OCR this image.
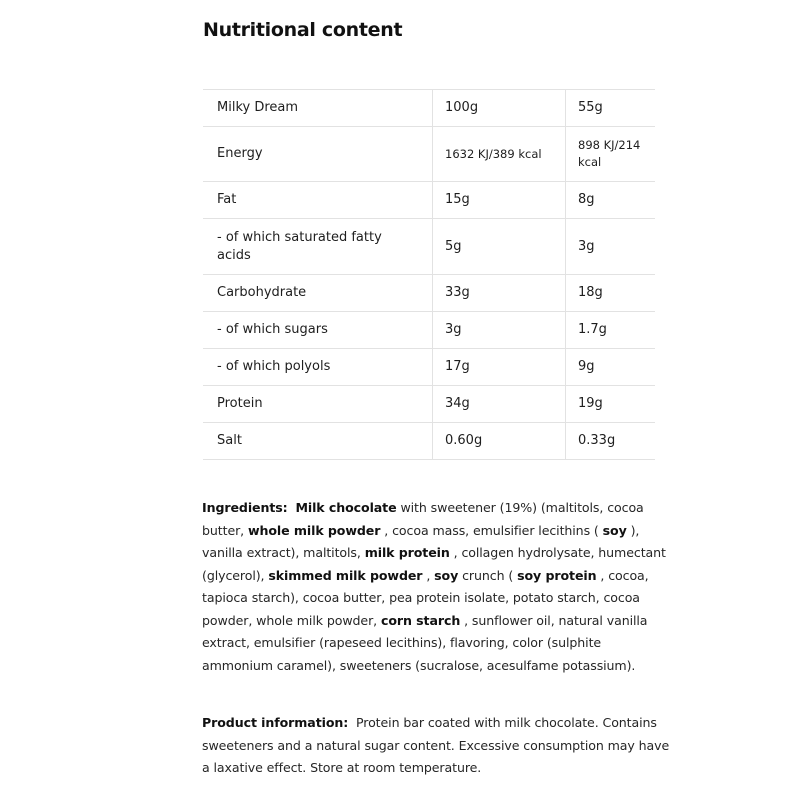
Nutritional content
Milky Dream	100g	55g
Energy	1632 KJ/389 kcal	898 KJ/214 kcal

Fat	15g	8g
- of which saturated fatty acids	5g	3g
Carbohydrate	33g	18g
- of which sugars	3g	1.7g
- of which polyols	17g	9g
Protein	34g	19g
Salt	0.60g	0.33g
Ingredients: Milk chocolate with sweetener (19%) (maltitols, cocoa butter, whole milk powder , cocoa mass, emulsifier lecithins ( soy ), vanilla extract), maltitols, milk protein , collagen hydrolysate, humectant (glycerol), skimmed milk powder , soy crunch ( soy protein , cocoa, tapioca starch), cocoa butter, pea protein isolate, potato starch, cocoa powder, whole milk powder, corn starch , sunflower oil, natural vanilla extract, emulsifier (rapeseed lecithins), flavoring, color (sulphite ammonium caramel), sweeteners (sucralose, acesulfame potassium).
Product information: Protein bar coated with milk chocolate. Contains sweeteners and a natural sugar content. Excessive consumption may have a laxative effect. Store at room temperature.
